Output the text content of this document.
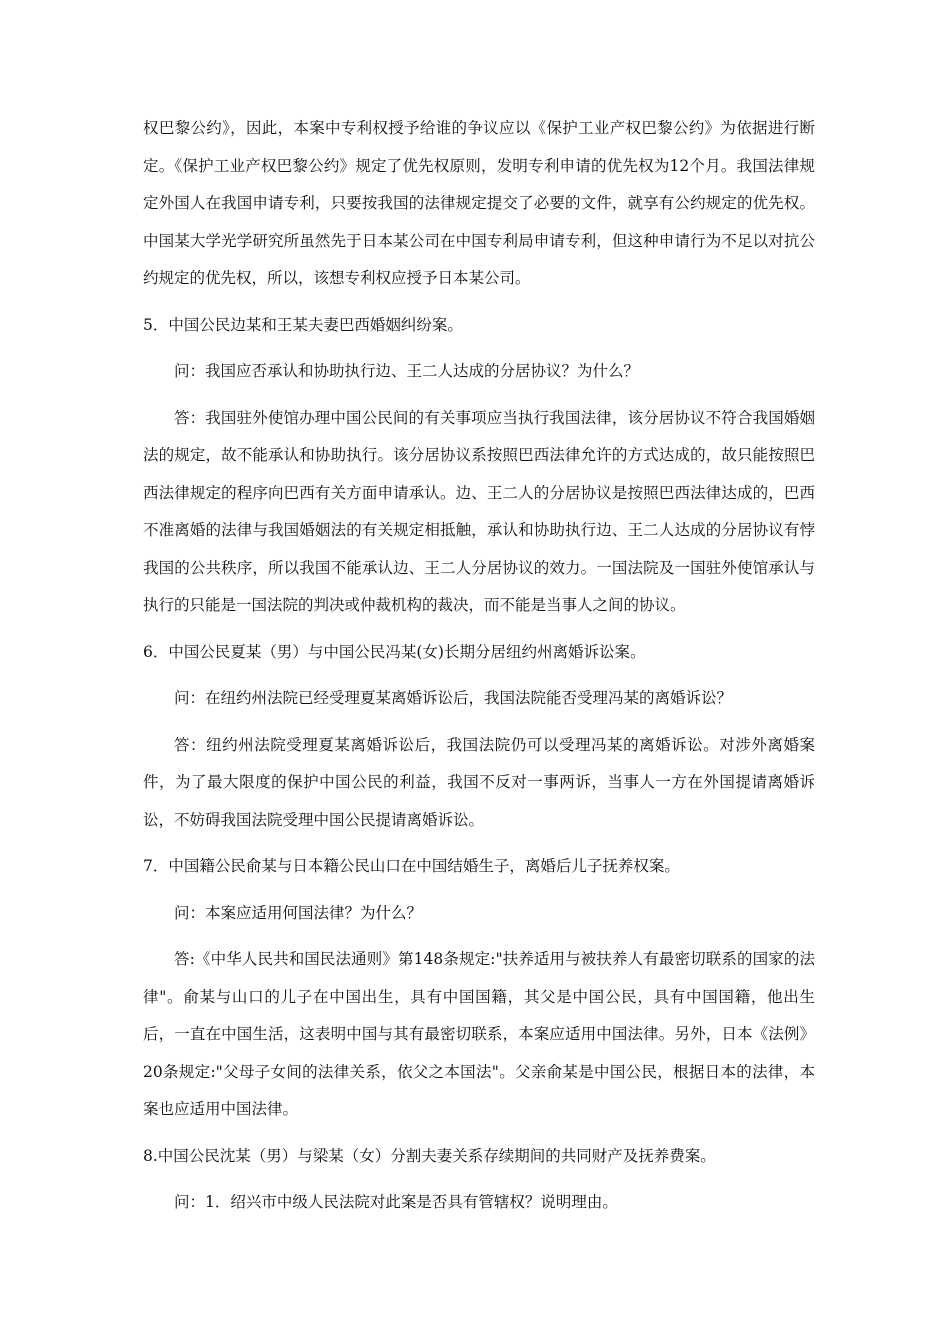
权巴黎公约》，因此，本案中专利权授予给谁的争议应以《保护工业产权巴黎公约》为依据进行断定。《保护工业产权巴黎公约》规定了优先权原则，发明专利申请的优先权为12个月。我国法律规定外国人在我国申请专利，只要按我国的法律规定提交了必要的文件，就享有公约规定的优先权。中国某大学光学研究所虽然先于日本某公司在中国专利局申请专利，但这种申请行为不足以对抗公约规定的优先权，所以，该想专利权应授予日本某公司。

5．中国公民边某和王某夫妻巴西婚姻纠纷案。

问：我国应否承认和协助执行边、王二人达成的分居协议？为什么？

答：我国驻外使馆办理中国公民间的有关事项应当执行我国法律，该分居协议不符合我国婚姻法的规定，故不能承认和协助执行。该分居协议系按照巴西法律允许的方式达成的，故只能按照巴西法律规定的程序向巴西有关方面申请承认。边、王二人的分居协议是按照巴西法律达成的，巴西不准离婚的法律与我国婚姻法的有关规定相抵触，承认和协助执行边、王二人达成的分居协议有悖我国的公共秩序，所以我国不能承认边、王二人分居协议的效力。一国法院及一国驻外使馆承认与执行的只能是一国法院的判决或仲裁机构的裁决，而不能是当事人之间的协议。

6．中国公民夏某（男）与中国公民冯某(女)长期分居纽约州离婚诉讼案。

问：在纽约州法院已经受理夏某离婚诉讼后，我国法院能否受理冯某的离婚诉讼？

答：纽约州法院受理夏某离婚诉讼后，我国法院仍可以受理冯某的离婚诉讼。对涉外离婚案件，为了最大限度的保护中国公民的利益，我国不反对一事两诉，当事人一方在外国提请离婚诉讼，不妨碍我国法院受理中国公民提请离婚诉讼。

7．中国籍公民俞某与日本籍公民山口在中国结婚生子，离婚后儿子抚养权案。

问：本案应适用何国法律？为什么？

答:《中华人民共和国民法通则》第148条规定:"扶养适用与被扶养人有最密切联系的国家的法律"。俞某与山口的儿子在中国出生，具有中国国籍，其父是中国公民，具有中国国籍，他出生后，一直在中国生活，这表明中国与其有最密切联系，本案应适用中国法律。另外，日本《法例》20条规定:"父母子女间的法律关系，依父之本国法"。父亲俞某是中国公民，根据日本的法律，本案也应适用中国法律。

8.中国公民沈某（男）与梁某（女）分割夫妻关系存续期间的共同财产及抚养费案。

问：1．绍兴市中级人民法院对此案是否具有管辖权？说明理由。
